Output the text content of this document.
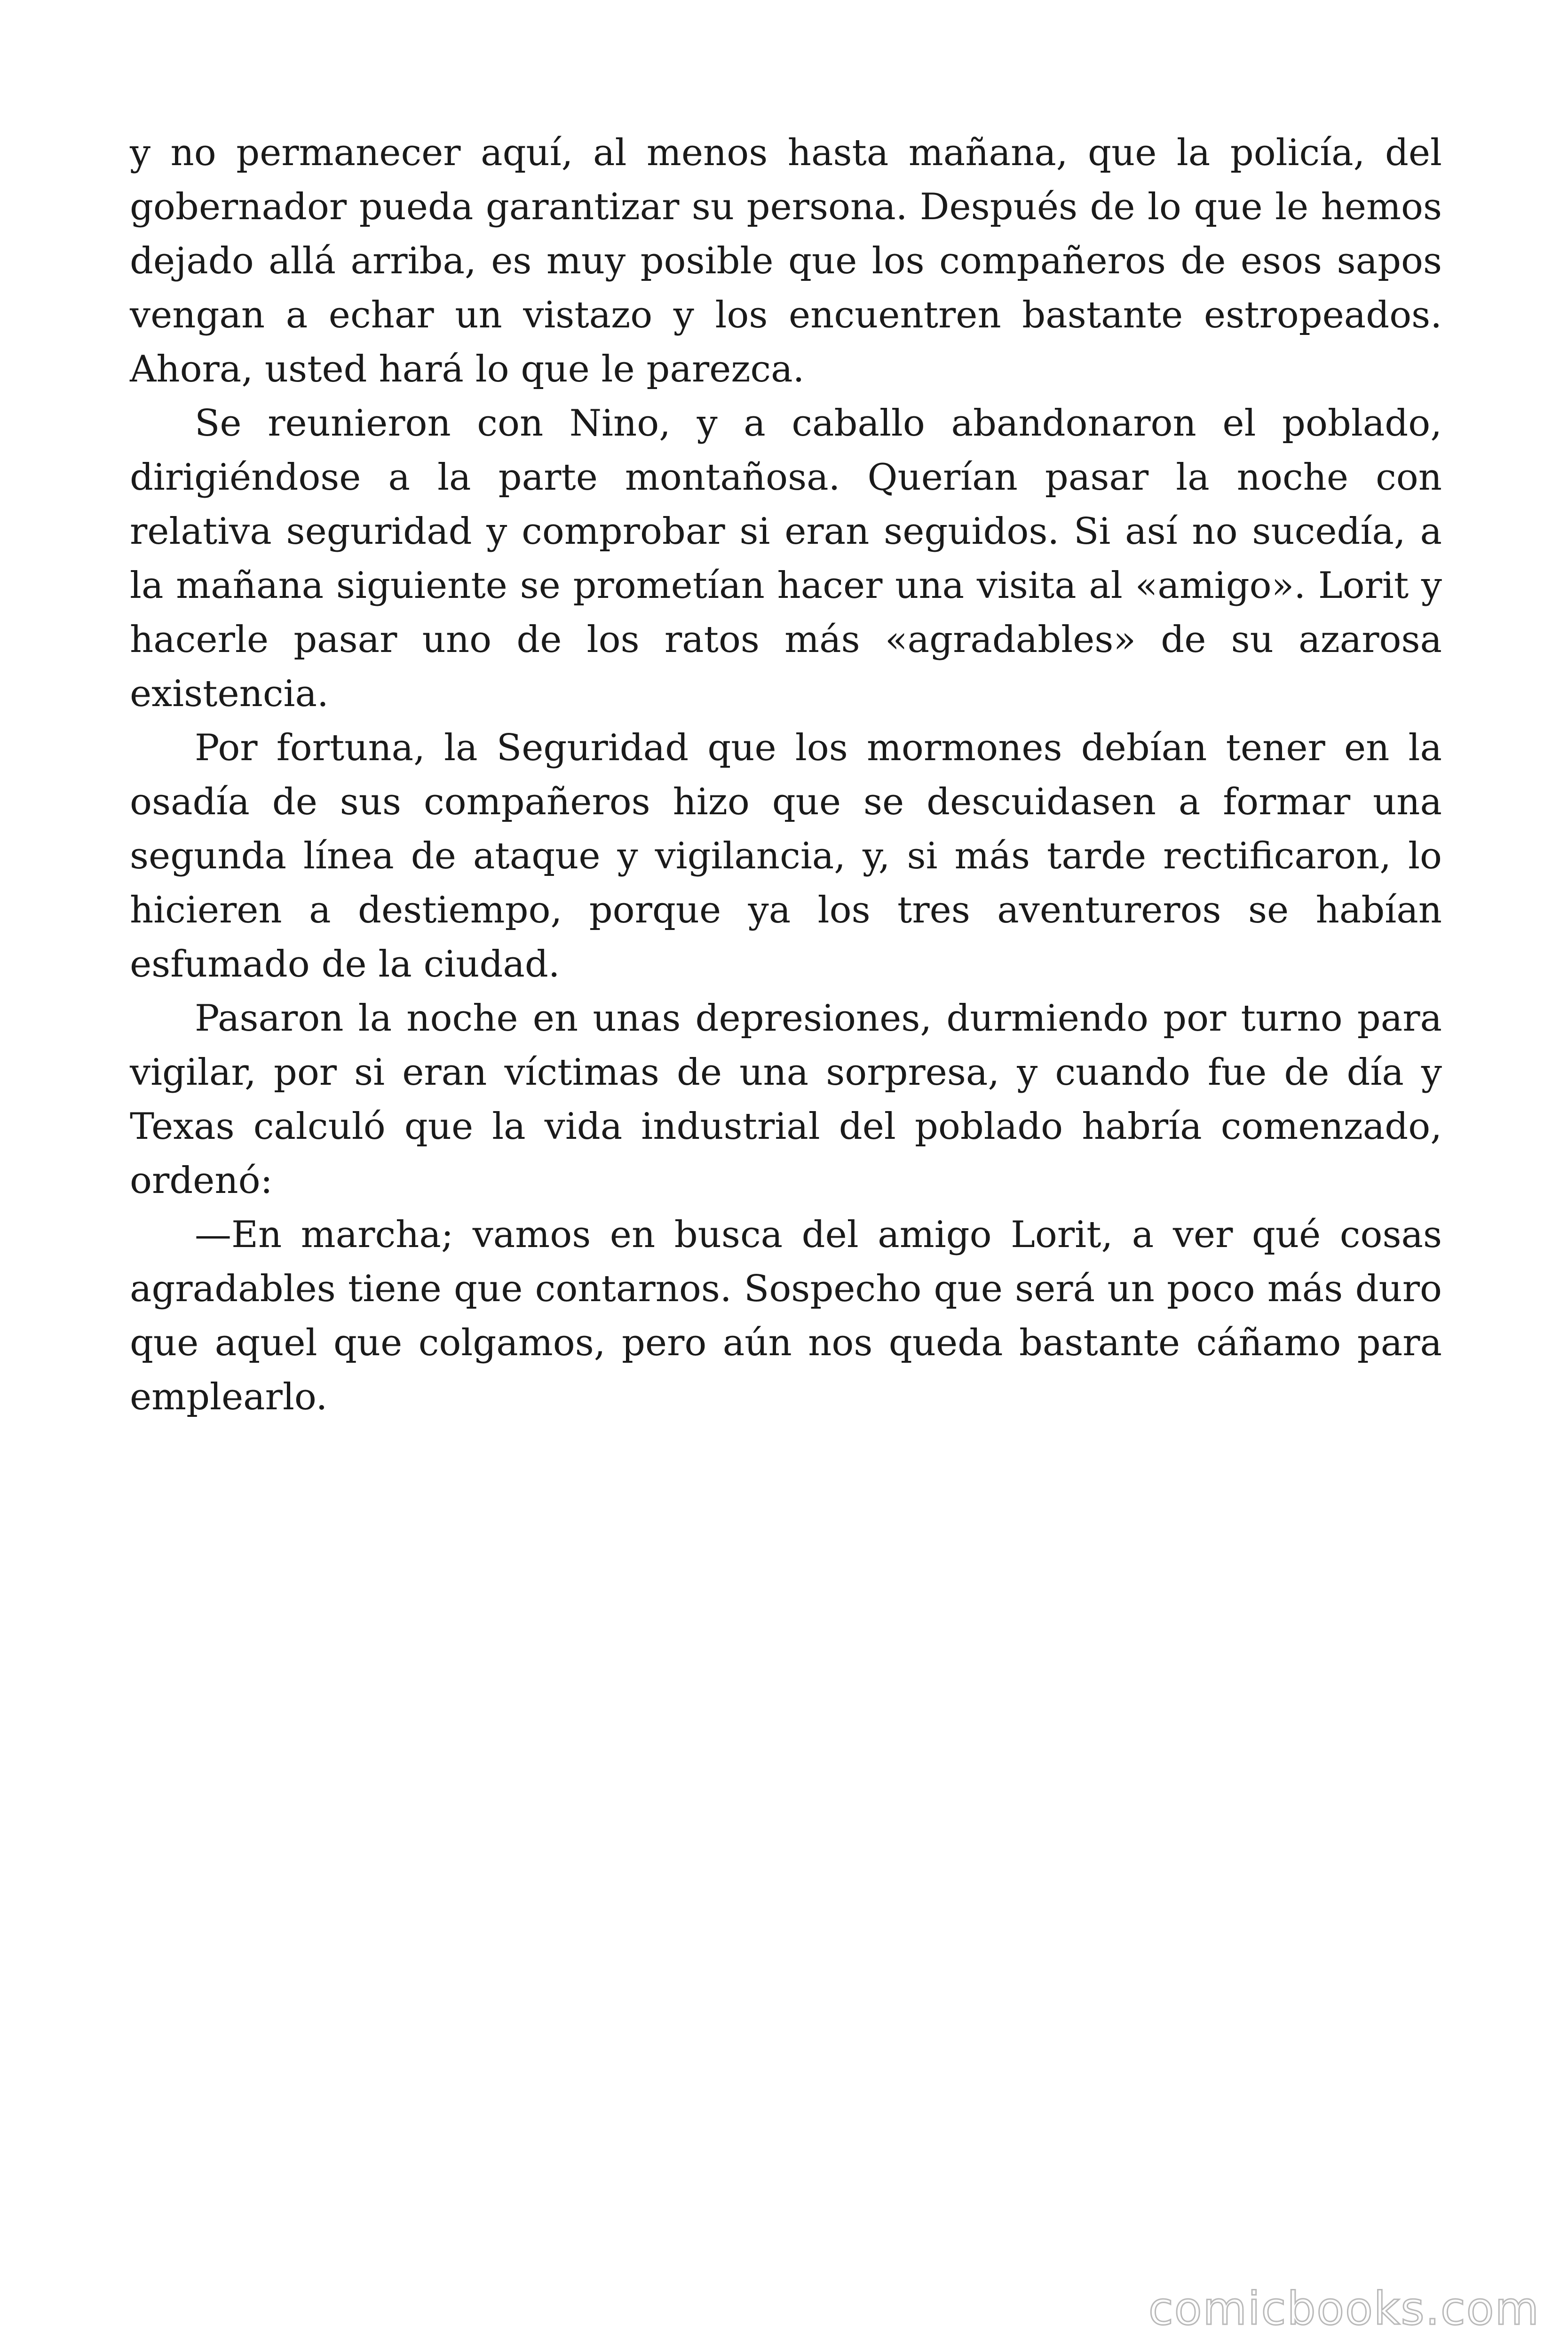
y no permanecer aquí, al menos hasta mañana, que la policía, del gobernador pueda garantizar su persona. Después de lo que le hemos dejado allá arriba, es muy posible que los compañeros de esos sapos vengan a echar un vistazo y los encuentren bastante estropeados. Ahora, usted hará lo que le parezca.

Se reunieron con Nino, y a caballo abandonaron el poblado, dirigiéndose a la parte montañosa. Querían pasar la noche con relativa seguridad y comprobar si eran seguidos. Si así no sucedía, a la mañana siguiente se prometían hacer una visita al «amigo». Lorit y hacerle pasar uno de los ratos más «agradables» de su azarosa existencia.

Por fortuna, la Seguridad que los mormones debían tener en la osadía de sus compañeros hizo que se descuidasen a formar una segunda línea de ataque y vigilancia, y, si más tarde rectificaron, lo hicieren a destiempo, porque ya los tres aventureros se habían esfumado de la ciudad.

Pasaron la noche en unas depresiones, durmiendo por turno para vigilar, por si eran víctimas de una sorpresa, y cuando fue de día y Texas calculó que la vida industrial del poblado habría comenzado, ordenó:

—En marcha; vamos en busca del amigo Lorit, a ver qué cosas agradables tiene que contarnos. Sospecho que será un poco más duro que aquel que colgamos, pero aún nos queda bastante cáñamo para emplearlo.

comicbooks.com
